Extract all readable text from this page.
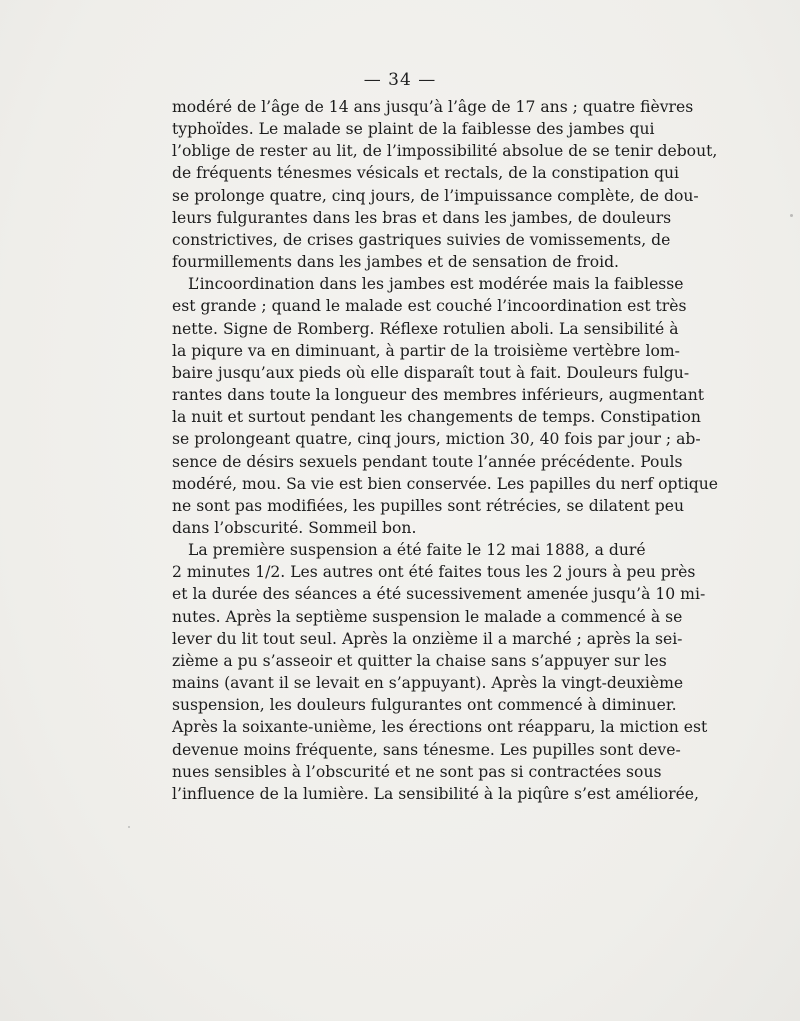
— 34 —
modéré de l’âge de 14 ans jusqu’à l’âge de 17 ans ; quatre fièvres
typhoïdes. Le malade se plaint de la faiblesse des jambes qui
l’oblige de rester au lit, de l’impossibilité absolue de se tenir debout,
de fréquents ténesmes vésicals et rectals, de la constipation qui
se prolonge quatre, cinq jours, de l’impuissance complète, de dou-
leurs fulgurantes dans les bras et dans les jambes, de douleurs
constrictives, de crises gastriques suivies de vomissements, de
fourmillements dans les jambes et de sensation de froid.
L’incoordination dans les jambes est modérée mais la faiblesse
est grande ; quand le malade est couché l’incoordination est très
nette. Signe de Romberg. Réflexe rotulien aboli. La sensibilité à
la piqure va en diminuant, à partir de la troisième vertèbre lom-
baire jusqu’aux pieds où elle disparaît tout à fait. Douleurs fulgu-
rantes dans toute la longueur des membres inférieurs, augmentant
la nuit et surtout pendant les changements de temps. Constipation
se prolongeant quatre, cinq jours, miction 30, 40 fois par jour ; ab-
sence de désirs sexuels pendant toute l’année précédente. Pouls
modéré, mou. Sa vie est bien conservée. Les papilles du nerf optique
ne sont pas modifiées, les pupilles sont rétrécies, se dilatent peu
dans l’obscurité. Sommeil bon.
La première suspension a été faite le 12 mai 1888, a duré
2 minutes 1/2. Les autres ont été faites tous les 2 jours à peu près
et la durée des séances a été sucessivement amenée jusqu’à 10 mi-
nutes. Après la septième suspension le malade a commencé à se
lever du lit tout seul. Après la onzième il a marché ; après la sei-
zième a pu s’asseoir et quitter la chaise sans s’appuyer sur les
mains (avant il se levait en s’appuyant). Après la vingt-deuxième
suspension, les douleurs fulgurantes ont commencé à diminuer.
Après la soixante-unième, les érections ont réapparu, la miction est
devenue moins fréquente, sans ténesme. Les pupilles sont deve-
nues sensibles à l’obscurité et ne sont pas si contractées sous
l’influence de la lumière. La sensibilité à la piqûre s’est améliorée,
